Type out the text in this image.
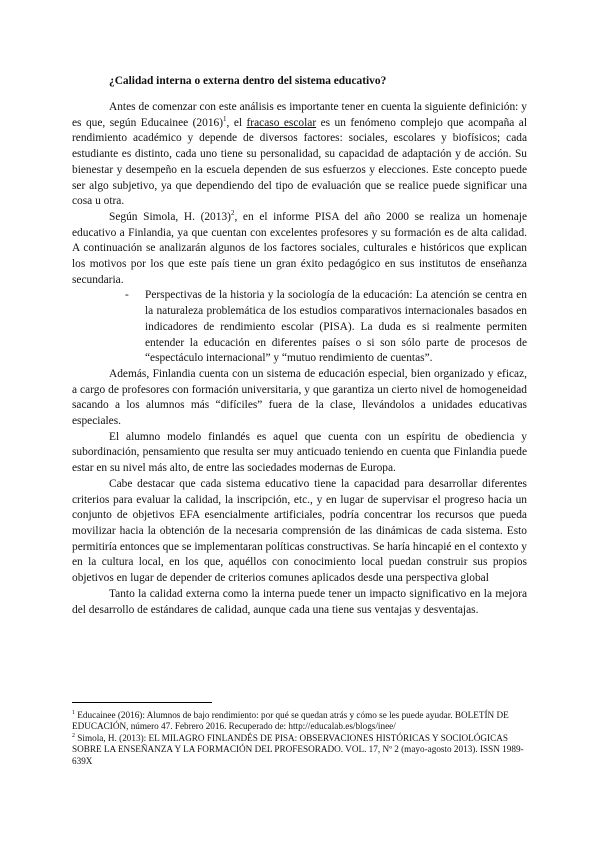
¿Calidad interna o externa dentro del sistema educativo?

Antes de comenzar con este análisis es importante tener en cuenta la siguiente definición: y es que, según Educainee (2016)$^1$, el fracaso escolar es un fenómeno complejo que acompaña al rendimiento académico y depende de diversos factores: sociales, escolares y biofísicos; cada estudiante es distinto, cada uno tiene su personalidad, su capacidad de adaptación y de acción. Su bienestar y desempeño en la escuela dependen de sus esfuerzos y elecciones. Este concepto puede ser algo subjetivo, ya que dependiendo del tipo de evaluación que se realice puede significar una cosa u otra.

Según Simola, H. (2013)$^2$, en el informe PISA del año 2000 se realiza un homenaje educativo a Finlandia, ya que cuentan con excelentes profesores y su formación es de alta calidad. A continuación se analizarán algunos de los factores sociales, culturales e históricos que explican los motivos por los que este país tiene un gran éxito pedagógico en sus institutos de enseñanza secundaria.

- Perspectivas de la historia y la sociología de la educación: La atención se centra en la naturaleza problemática de los estudios comparativos internacionales basados en indicadores de rendimiento escolar (PISA). La duda es si realmente permiten entender la educación en diferentes países o si son sólo parte de procesos de “espectáculo internacional” y “mutuo rendimiento de cuentas”.

Además, Finlandia cuenta con un sistema de educación especial, bien organizado y eficaz, a cargo de profesores con formación universitaria, y que garantiza un cierto nivel de homogeneidad sacando a los alumnos más “difíciles” fuera de la clase, llevándolos a unidades educativas especiales.

El alumno modelo finlandés es aquel que cuenta con un espíritu de obediencia y subordinación, pensamiento que resulta ser muy anticuado teniendo en cuenta que Finlandia puede estar en su nivel más alto, de entre las sociedades modernas de Europa.

Cabe destacar que cada sistema educativo tiene la capacidad para desarrollar diferentes criterios para evaluar la calidad, la inscripción, etc., y en lugar de supervisar el progreso hacia un conjunto de objetivos EFA esencialmente artificiales, podría concentrar los recursos que pueda movilizar hacia la obtención de la necesaria comprensión de las dinámicas de cada sistema. Esto permitiría entonces que se implementaran políticas constructivas. Se haría hincapié en el contexto y en la cultura local, en los que, aquéllos con conocimiento local puedan construir sus propios objetivos en lugar de depender de criterios comunes aplicados desde una perspectiva global

Tanto la calidad externa como la interna puede tener un impacto significativo en la mejora del desarrollo de estándares de calidad, aunque cada una tiene sus ventajas y desventajas.

$^1$ Educainee (2016): Alumnos de bajo rendimiento: por qué se quedan atrás y cómo se les puede ayudar. BOLETÍN DE EDUCACIÓN, número 47. Febrero 2016. Recuperado de: http://educalab.es/blogs/inee/

$^2$ Simola, H. (2013): EL MILAGRO FINLANDÉS DE PISA: OBSERVACIONES HISTÓRICAS Y SOCIOLÓGICAS SOBRE LA ENSEÑANZA Y LA FORMACIÓN DEL PROFESORADO. VOL. 17, Nº 2 (mayo-agosto 2013). ISSN 1989-639X
